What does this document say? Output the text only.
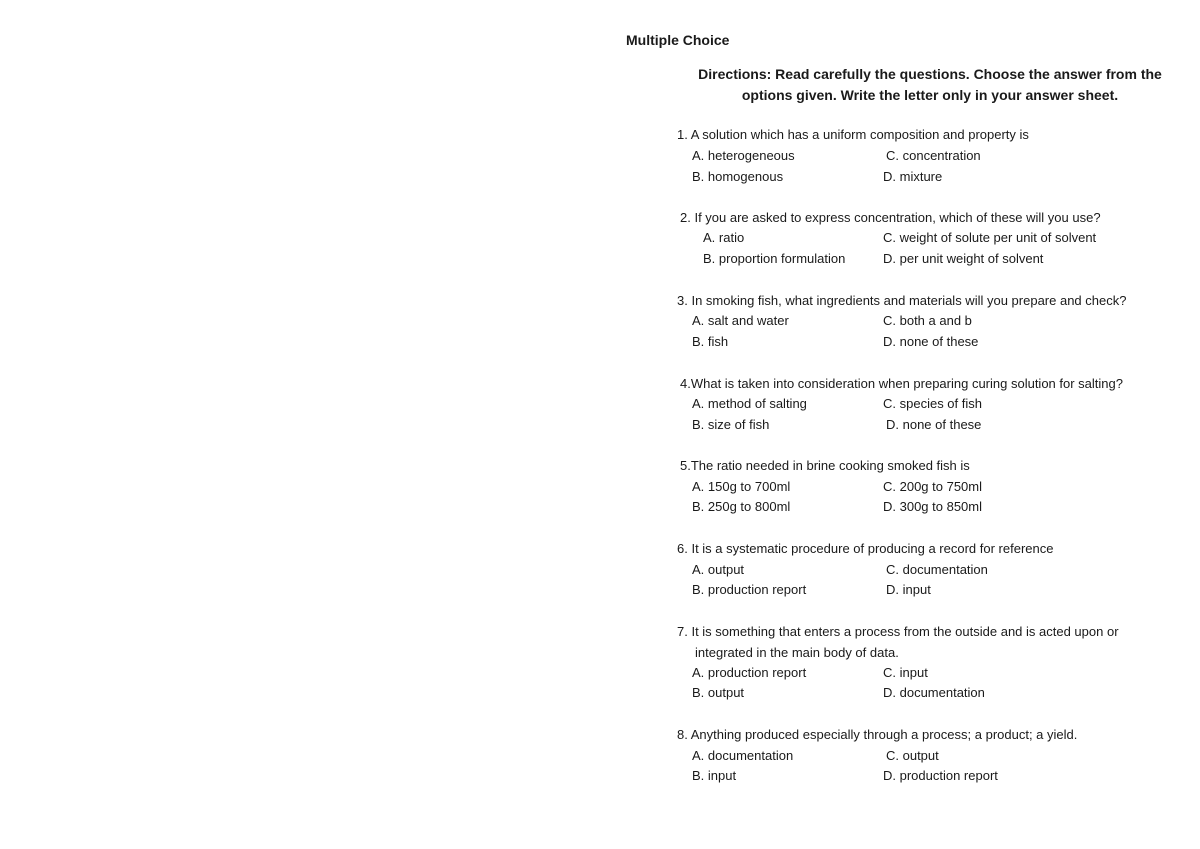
Multiple Choice
Directions: Read carefully the questions. Choose the answer from the options given. Write the letter only in your answer sheet.
1. A solution which has a uniform composition and property is
A. heterogeneous	C. concentration
B. homogenous	D. mixture
2. If you are asked to express concentration, which of these will you use?
A. ratio	C. weight of solute per unit of solvent
B. proportion formulation	D. per unit weight of solvent
3. In smoking fish, what ingredients and materials will you prepare and check?
A. salt and water	C. both a and b
B. fish	D. none of these
4.What is taken into consideration when preparing curing solution for salting?
A. method of salting	C. species of fish
B. size of fish	D. none of these
5.The ratio needed in brine cooking smoked fish is
A. 150g to 700ml	C. 200g to 750ml
B. 250g to 800ml	D. 300g to 850ml
6. It is a systematic procedure of producing a record for reference
A. output	C. documentation
B. production report	D. input
7. It is something that enters a process from the outside and is acted upon or
integrated in the main body of data.
A. production report	C. input
B. output	D. documentation
8. Anything produced especially through a process; a product; a yield.
A. documentation	C. output
B. input	D. production report
